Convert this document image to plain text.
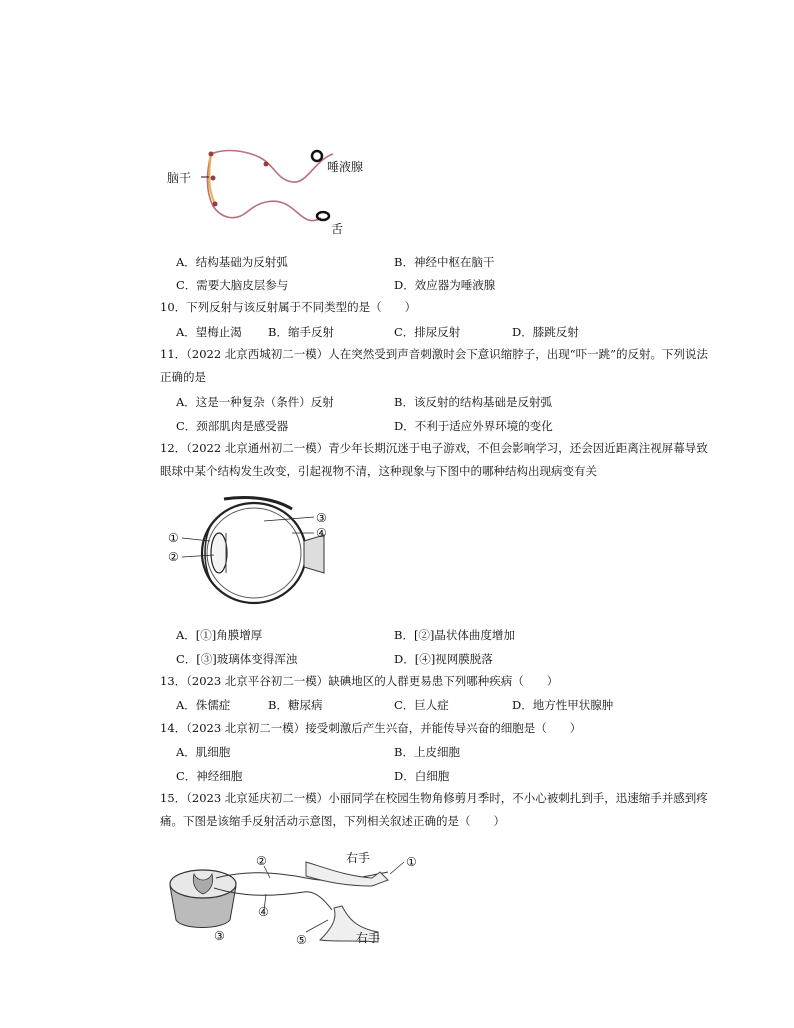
脑干
唾液腺
舌
A．结构基础为反射弧	B．神经中枢在脑干
C．需要大脑皮层参与	D．效应器为唾液腺
10．下列反射与该反射属于不同类型的是（　　）
A．望梅止渴 B．缩手反射	C．排尿反射	D．膝跳反射
11．（2022 北京西城初二一模）人在突然受到声音刺激时会下意识缩脖子，出现“吓一跳”的反射。下列说法
正确的是
A．这是一种复杂（条件）反射	B．该反射的结构基础是反射弧
C．颈部肌肉是感受器	D．不利于适应外界环境的变化
12．（2022 北京通州初二一模）青少年长期沉迷于电子游戏，不但会影响学习，还会因近距离注视屏幕导致
眼球中某个结构发生改变，引起视物不清，这种现象与下图中的哪种结构出现病变有关
①
②
③
④
A．[①]角膜增厚	B．[②]晶状体曲度增加
C．[③]玻璃体变得浑浊	D．[④]视网膜脱落
13．（2023 北京平谷初二一模）缺碘地区的人群更易患下列哪种疾病（　　）
A．侏儒症	B．糖尿病	C．巨人症	D．地方性甲状腺肿
14．（2023 北京初二一模）接受刺激后产生兴奋，并能传导兴奋的细胞是（　　）
A．肌细胞	B．上皮细胞
C．神经细胞	D．白细胞
15．（2023 北京延庆初二一模）小丽同学在校园生物角修剪月季时，不小心被刺扎到手，迅速缩手并感到疼
痛。下图是该缩手反射活动示意图，下列相关叙述正确的是（　　）
①
②
③
④
⑤
右手
右手
